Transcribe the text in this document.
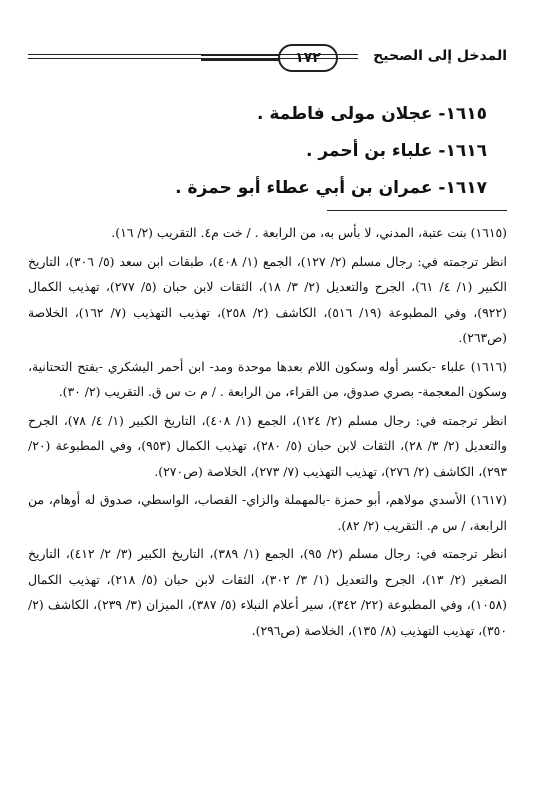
المدخل إلى الصحيح
١٧٢
١٦١٥- عجلان مولى فاطمة .
١٦١٦- علباء بن أحمر .
١٦١٧- عمران بن أبي عطاء أبو حمزة .

(١٦١٥) بنت عتبة، المدني، لا بأس به، من الرابعة . / خت م٤. التقريب (٢/ ١٦).

انظر ترجمته في: رجال مسلم (٢/ ١٢٧)، الجمع (١/ ٤٠٨)، طبقات ابن سعد (٥/ ٣٠٦)، التاريخ الكبير (١/ ٤/ ٦١)، الجرح والتعديل (٢/ ٣/ ١٨)، الثقات لابن حبان (٥/ ٢٧٧)، تهذيب الكمال (٩٢٢)، وفي المطبوعة (١٩/ ٥١٦)، الكاشف (٢/ ٢٥٨)، تهذيب التهذيب (٧/ ١٦٢)، الخلاصة (ص٢٦٣).

(١٦١٦) علباء -بكسر أوله وسكون اللام بعدها موحدة ومد- ابن أحمر اليشكري -بفتح التحتانية، وسكون المعجمة- بصري صدوق، من القراء، من الرابعة . / م ت س ق. التقريب (٢/ ٣٠).

انظر ترجمته في: رجال مسلم (٢/ ١٢٤)، الجمع (١/ ٤٠٨)، التاريخ الكبير (١/ ٤/ ٧٨)، الجرح والتعديل (٢/ ٣/ ٢٨)، الثقات لابن حبان (٥/ ٢٨٠)، تهذيب الكمال (٩٥٣)، وفي المطبوعة (٢٠/ ٢٩٣)، الكاشف (٢/ ٢٧٦)، تهذيب التهذيب (٧/ ٢٧٣)، الخلاصة (ص٢٧٠).

(١٦١٧) الأسدي مولاهم، أبو حمزة -بالمهملة والزاي- القصاب، الواسطي، صدوق له أوهام، من الرابعة، / س م. التقريب (٢/ ٨٢).

انظر ترجمته في: رجال مسلم (٢/ ٩٥)، الجمع (١/ ٣٨٩)، التاريخ الكبير (٣/ ٢/ ٤١٢)، التاريخ الصغير (٢/ ١٣)، الجرح والتعديل (١/ ٣/ ٣٠٢)، الثقات لابن حبان (٥/ ٢١٨)، تهذيب الكمال (١٠٥٨)، وفي المطبوعة (٢٢/ ٣٤٢)، سير أعلام النبلاء (٥/ ٣٨٧)، الميزان (٣/ ٢٣٩)، الكاشف (٢/ ٣٥٠)، تهذيب التهذيب (٨/ ١٣٥)، الخلاصة (ص٢٩٦).
